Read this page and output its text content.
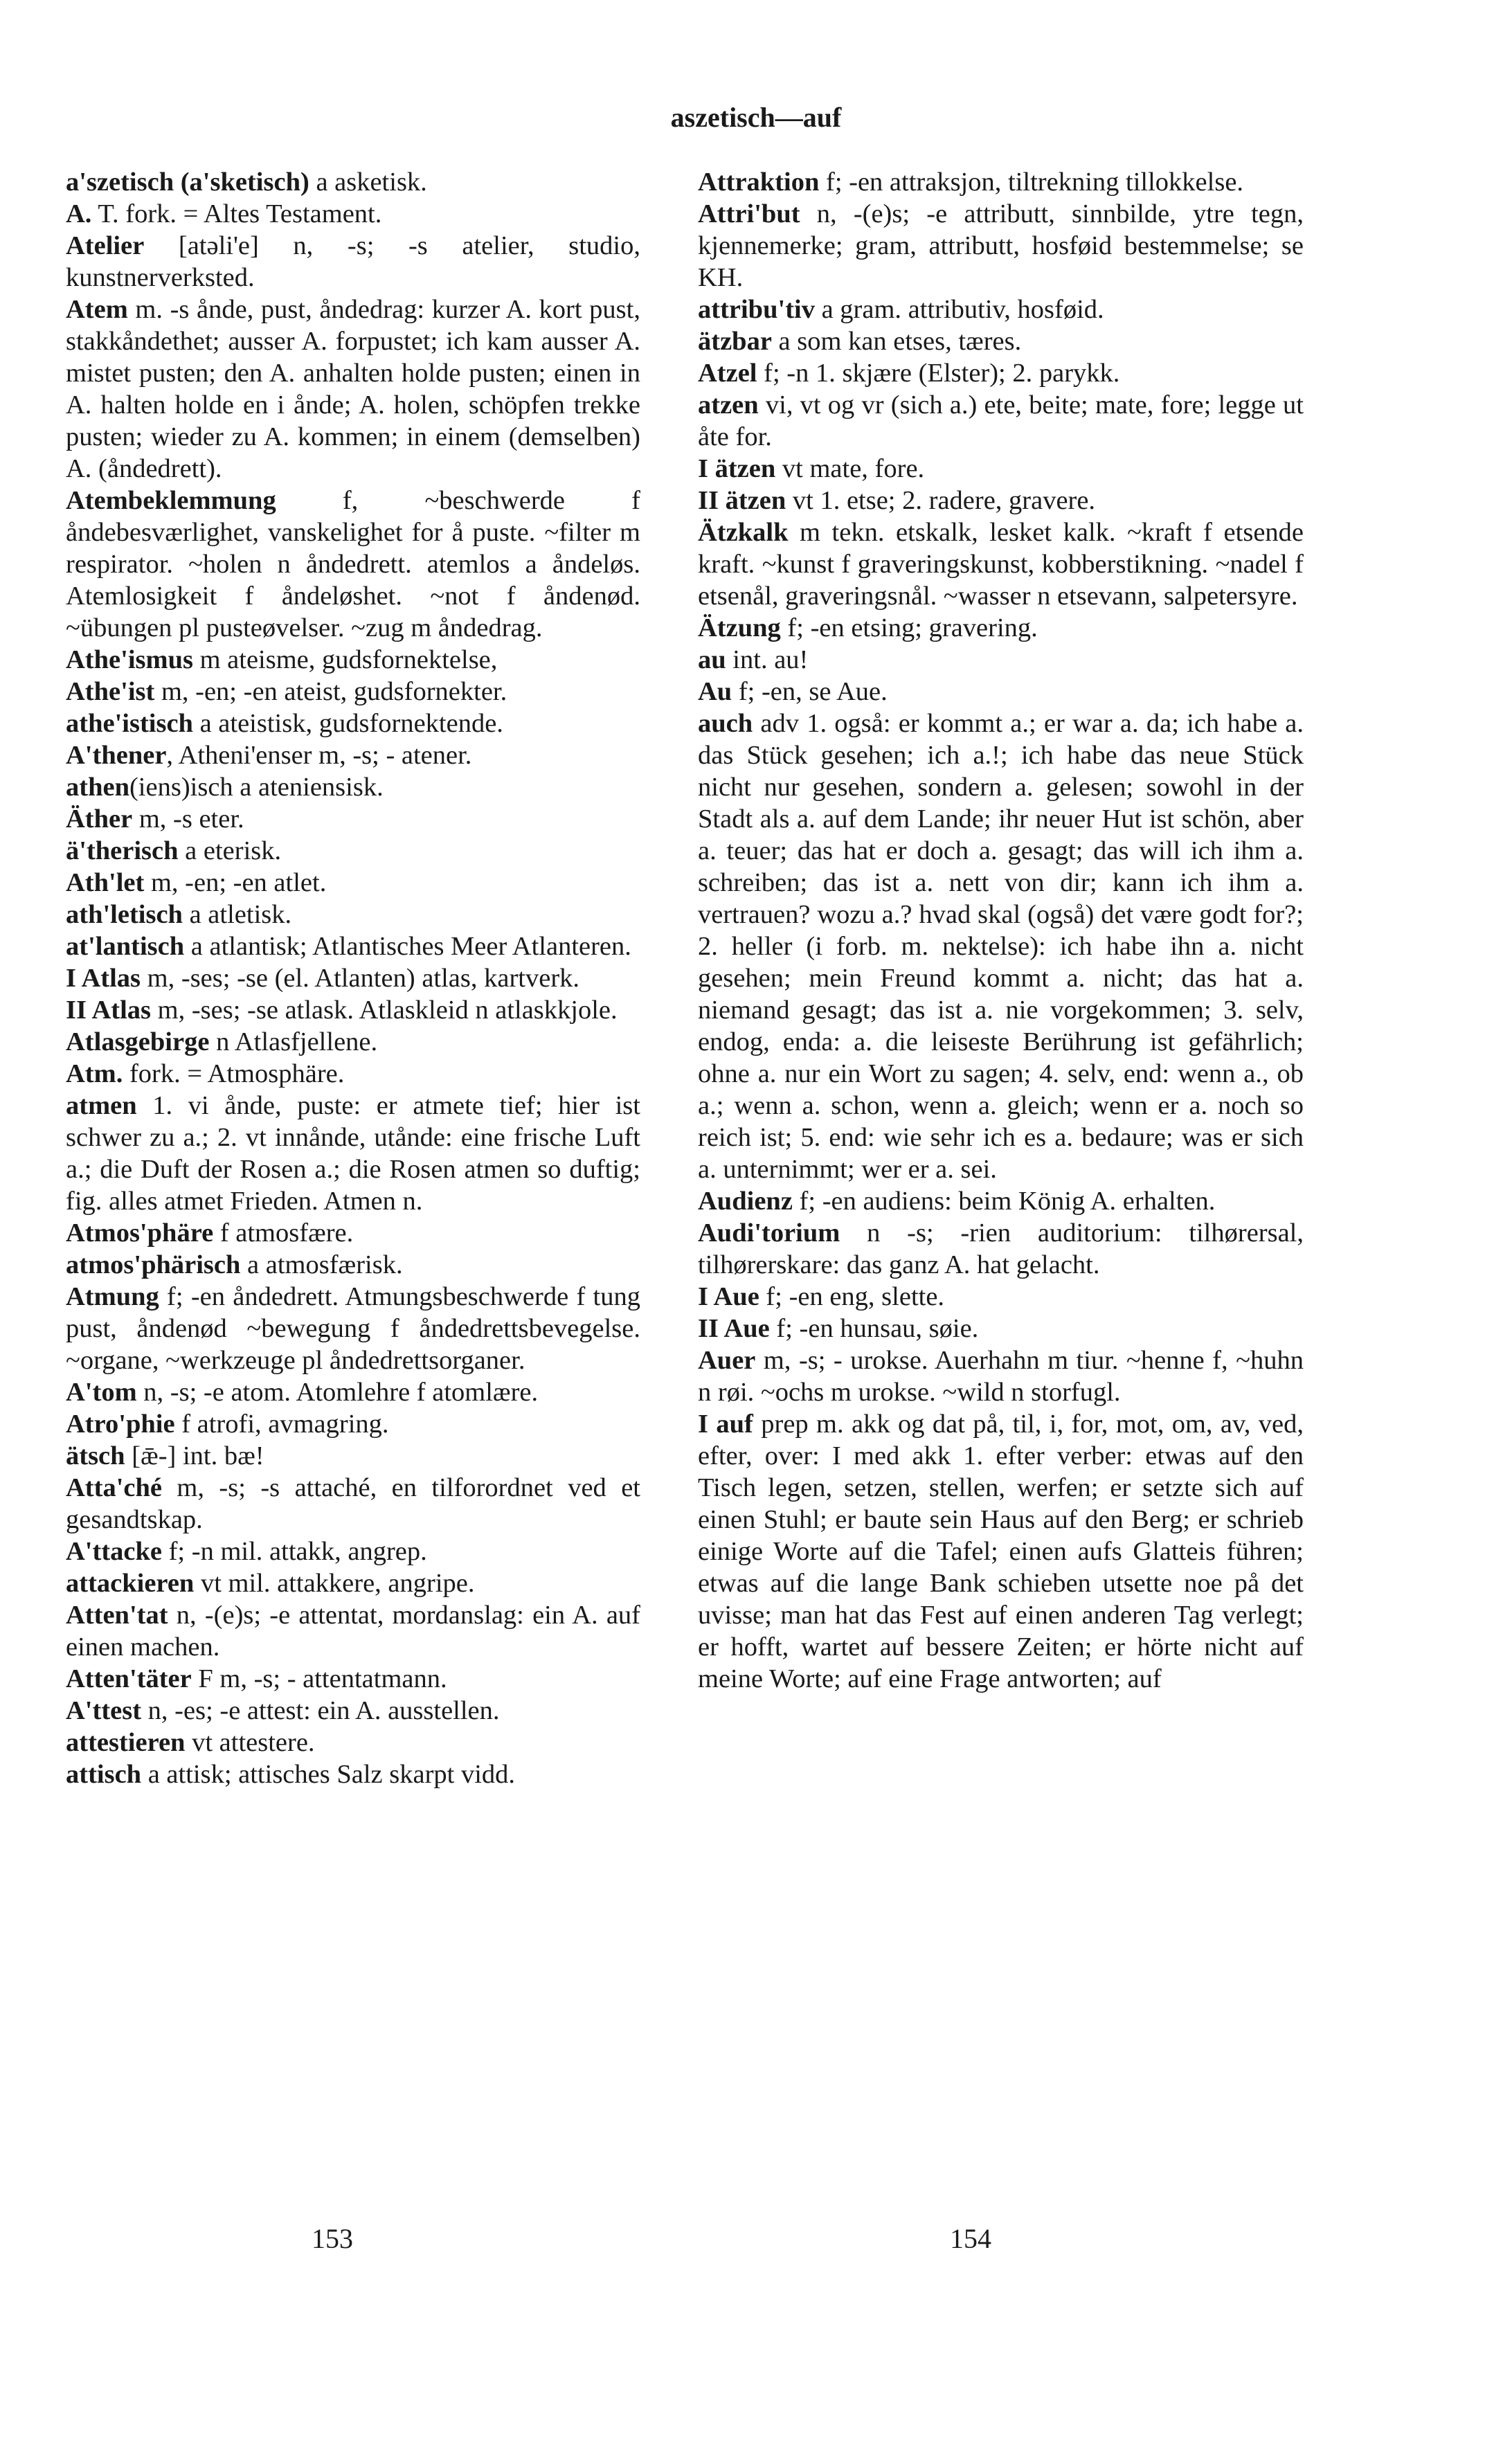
aszetisch—auf

a'szetisch (a'sketisch) a asketisk.

A. T. fork. = Altes Testament.

Atelier [atəli'e] n, -s; -s atelier, studio, kunstnerverksted.

Atem m. -s ånde, pust, åndedrag: kurzer A. kort pust, stakkåndethet; ausser A. forpustet; ich kam ausser A. mistet pusten; den A. anhalten holde pusten; einen in A. halten holde en i ånde; A. holen, schöpfen trekke pusten; wieder zu A. kommen; in einem (demselben) A. (åndedrett).

Atembeklemmung f, ~beschwerde f åndebesværlighet, vanskelighet for å puste. ~filter m respirator. ~holen n åndedrett. atemlos a åndeløs. Atemlosigkeit f åndeløshet. ~not f åndenød. ~übungen pl pusteøvelser. ~zug m åndedrag.

Athe'ismus m ateisme, gudsfornektelse,

Athe'ist m, -en; -en ateist, gudsfornekter.

athe'istisch a ateistisk, gudsfornektende.

A'thener, Atheni'enser m, -s; - atener.

athen(iens)isch a ateniensisk.

Äther m, -s eter.

ä'therisch a eterisk.

Ath'let m, -en; -en atlet.

ath'letisch a atletisk.

at'lantisch a atlantisk; Atlantisches Meer Atlanteren.

I Atlas m, -ses; -se (el. Atlanten) atlas, kartverk.

II Atlas m, -ses; -se atlask. Atlaskleid n atlaskkjole.

Atlasgebirge n Atlasfjellene.

Atm. fork. = Atmosphäre.

atmen 1. vi ånde, puste: er atmete tief; hier ist schwer zu a.; 2. vt innånde, utånde: eine frische Luft a.; die Duft der Rosen a.; die Rosen atmen so duftig; fig. alles atmet Frieden. Atmen n.

Atmos'phäre f atmosfære.

atmos'phärisch a atmosfærisk.

Atmung f; -en åndedrett. Atmungsbeschwerde f tung pust, åndenød ~bewegung f åndedrettsbevegelse. ~organe, ~werkzeuge pl åndedrettsorganer.

A'tom n, -s; -e atom. Atomlehre f atomlære.

Atro'phie f atrofi, avmagring.

ätsch [ǣ-] int. bæ!

Atta'ché m, -s; -s attaché, en tilforordnet ved et gesandtskap.

A'ttacke f; -n mil. attakk, angrep.

attackieren vt mil. attakkere, angripe.

Atten'tat n, -(e)s; -e attentat, mordanslag: ein A. auf einen machen.

Atten'täter F m, -s; - attentatmann.

A'ttest n, -es; -e attest: ein A. ausstellen.

attestieren vt attestere.

attisch a attisk; attisches Salz skarpt vidd.

Attraktion f; -en attraksjon, tiltrekning tillokkelse.

Attri'but n, -(e)s; -e attributt, sinnbilde, ytre tegn, kjennemerke; gram, attributt, hosføid bestemmelse; se KH.

attribu'tiv a gram. attributiv, hosføid.

ätzbar a som kan etses, tæres.

Atzel f; -n 1. skjære (Elster); 2. parykk.

atzen vi, vt og vr (sich a.) ete, beite; mate, fore; legge ut åte for.

I ätzen vt mate, fore.

II ätzen vt 1. etse; 2. radere, gravere.

Ätzkalk m tekn. etskalk, lesket kalk. ~kraft f etsende kraft. ~kunst f graveringskunst, kobberstikning. ~nadel f etsenål, graveringsnål. ~wasser n etsevann, salpetersyre.

Ätzung f; -en etsing; gravering.

au int. au!

Au f; -en, se Aue.

auch adv 1. også: er kommt a.; er war a. da; ich habe a. das Stück gesehen; ich a.!; ich habe das neue Stück nicht nur gesehen, sondern a. gelesen; sowohl in der Stadt als a. auf dem Lande; ihr neuer Hut ist schön, aber a. teuer; das hat er doch a. gesagt; das will ich ihm a. schreiben; das ist a. nett von dir; kann ich ihm a. vertrauen? wozu a.? hvad skal (også) det være godt for?; 2. heller (i forb. m. nektelse): ich habe ihn a. nicht gesehen; mein Freund kommt a. nicht; das hat a. niemand gesagt; das ist a. nie vorgekommen; 3. selv, endog, enda: a. die leiseste Berührung ist gefährlich; ohne a. nur ein Wort zu sagen; 4. selv, end: wenn a., ob a.; wenn a. schon, wenn a. gleich; wenn er a. noch so reich ist; 5. end: wie sehr ich es a. bedaure; was er sich a. unternimmt; wer er a. sei.

Audienz f; -en audiens: beim König A. erhalten.

Audi'torium n -s; -rien auditorium: tilhørersal, tilhørerskare: das ganz A. hat gelacht.

I Aue f; -en eng, slette.

II Aue f; -en hunsau, søie.

Auer m, -s; - urokse. Auerhahn m tiur. ~henne f, ~huhn n røi. ~ochs m urokse. ~wild n storfugl.

I auf prep m. akk og dat på, til, i, for, mot, om, av, ved, efter, over: I med akk 1. efter verber: etwas auf den Tisch legen, setzen, stellen, werfen; er setzte sich auf einen Stuhl; er baute sein Haus auf den Berg; er schrieb einige Worte auf die Tafel; einen aufs Glatteis führen; etwas auf die lange Bank schieben utsette noe på det uvisse; man hat das Fest auf einen anderen Tag verlegt; er hofft, wartet auf bessere Zeiten; er hörte nicht auf meine Worte; auf eine Frage antworten; auf

153	154
